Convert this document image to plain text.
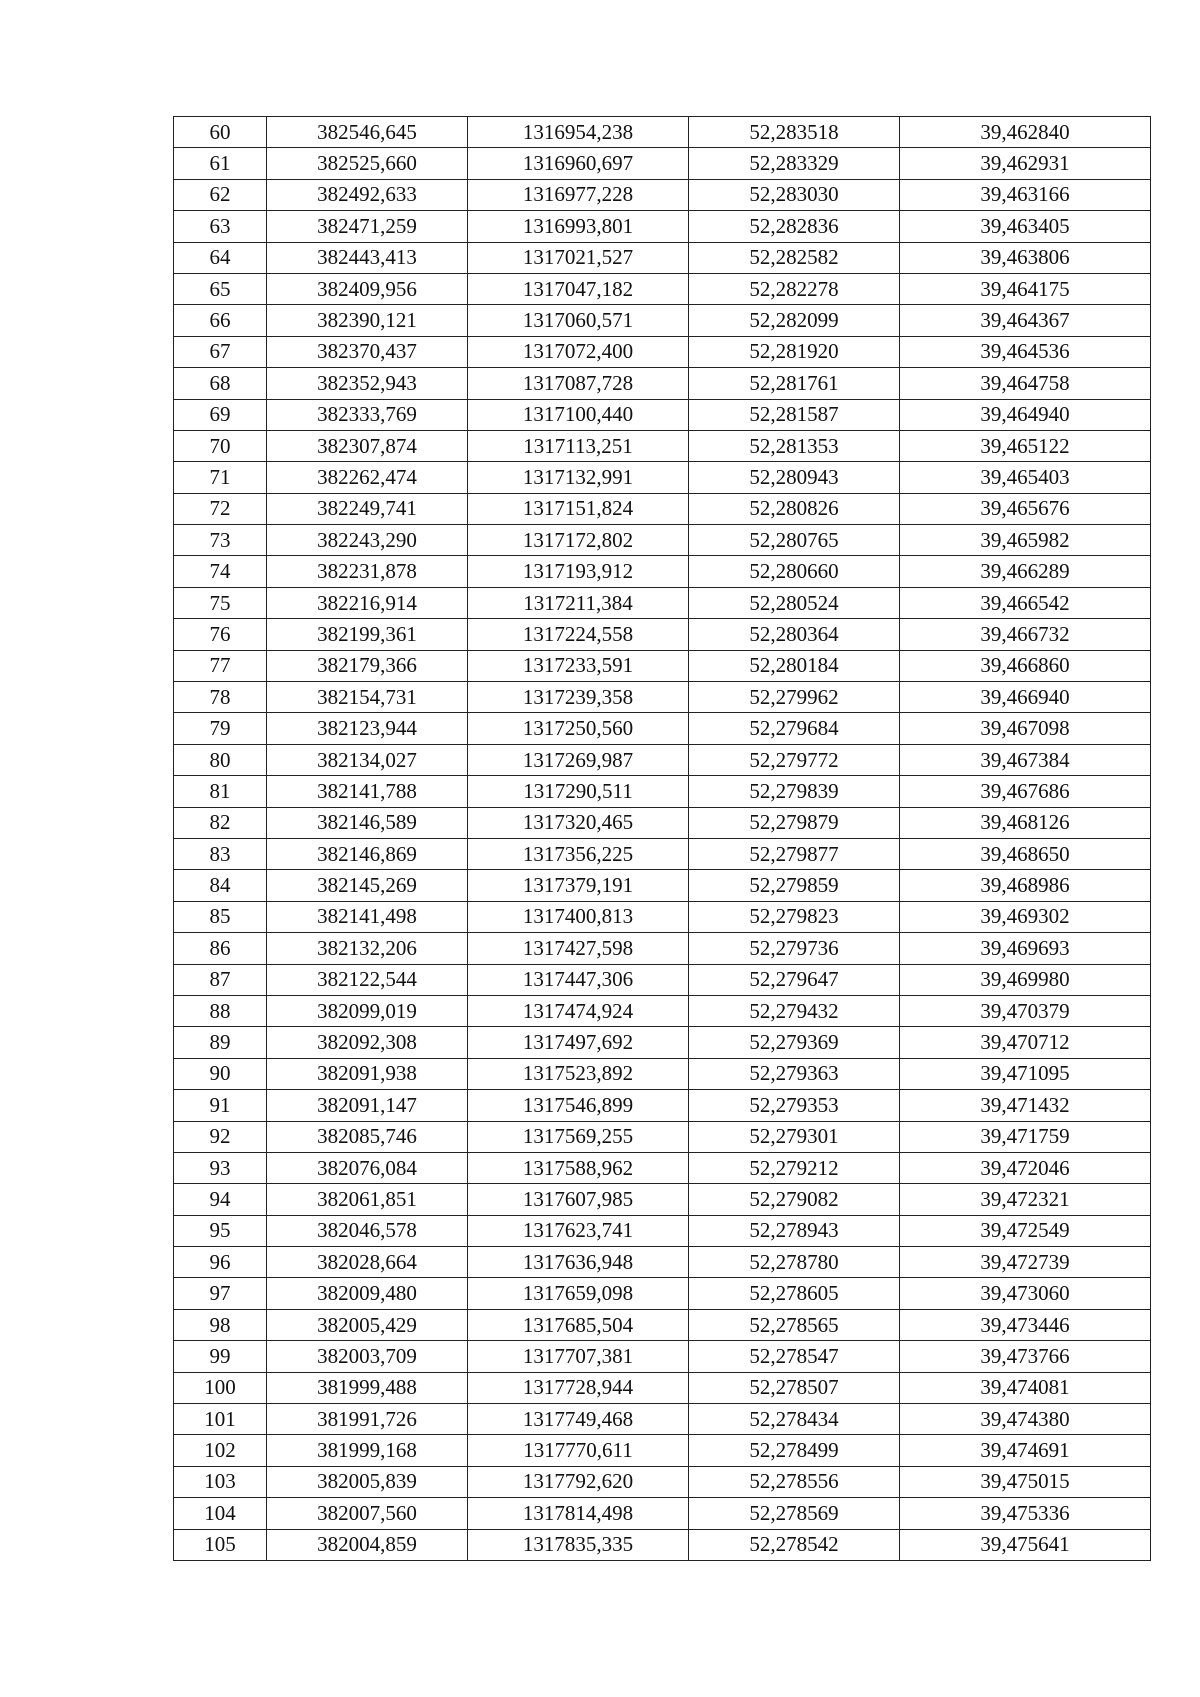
60	382546,645	1316954,238	52,283518	39,462840
61	382525,660	1316960,697	52,283329	39,462931
62	382492,633	1316977,228	52,283030	39,463166
63	382471,259	1316993,801	52,282836	39,463405
64	382443,413	1317021,527	52,282582	39,463806
65	382409,956	1317047,182	52,282278	39,464175
66	382390,121	1317060,571	52,282099	39,464367
67	382370,437	1317072,400	52,281920	39,464536
68	382352,943	1317087,728	52,281761	39,464758
69	382333,769	1317100,440	52,281587	39,464940
70	382307,874	1317113,251	52,281353	39,465122
71	382262,474	1317132,991	52,280943	39,465403
72	382249,741	1317151,824	52,280826	39,465676
73	382243,290	1317172,802	52,280765	39,465982
74	382231,878	1317193,912	52,280660	39,466289
75	382216,914	1317211,384	52,280524	39,466542
76	382199,361	1317224,558	52,280364	39,466732
77	382179,366	1317233,591	52,280184	39,466860
78	382154,731	1317239,358	52,279962	39,466940
79	382123,944	1317250,560	52,279684	39,467098
80	382134,027	1317269,987	52,279772	39,467384
81	382141,788	1317290,511	52,279839	39,467686
82	382146,589	1317320,465	52,279879	39,468126
83	382146,869	1317356,225	52,279877	39,468650
84	382145,269	1317379,191	52,279859	39,468986
85	382141,498	1317400,813	52,279823	39,469302
86	382132,206	1317427,598	52,279736	39,469693
87	382122,544	1317447,306	52,279647	39,469980
88	382099,019	1317474,924	52,279432	39,470379
89	382092,308	1317497,692	52,279369	39,470712
90	382091,938	1317523,892	52,279363	39,471095
91	382091,147	1317546,899	52,279353	39,471432
92	382085,746	1317569,255	52,279301	39,471759
93	382076,084	1317588,962	52,279212	39,472046
94	382061,851	1317607,985	52,279082	39,472321
95	382046,578	1317623,741	52,278943	39,472549
96	382028,664	1317636,948	52,278780	39,472739
97	382009,480	1317659,098	52,278605	39,473060
98	382005,429	1317685,504	52,278565	39,473446
99	382003,709	1317707,381	52,278547	39,473766
100	381999,488	1317728,944	52,278507	39,474081
101	381991,726	1317749,468	52,278434	39,474380
102	381999,168	1317770,611	52,278499	39,474691
103	382005,839	1317792,620	52,278556	39,475015
104	382007,560	1317814,498	52,278569	39,475336
105	382004,859	1317835,335	52,278542	39,475641
